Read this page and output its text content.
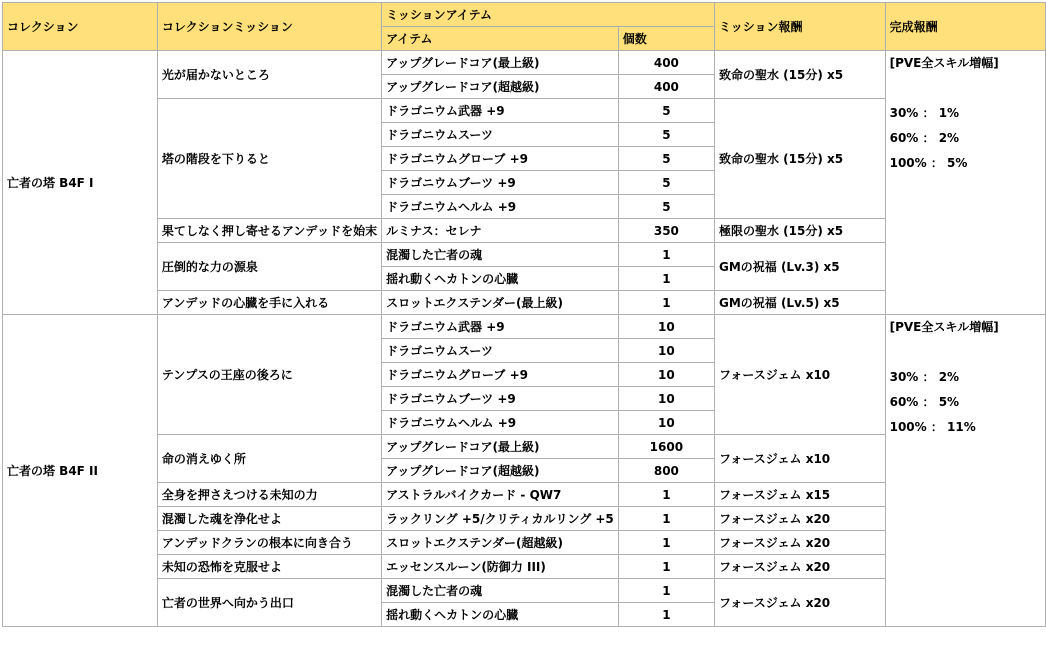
コレクション	コレクションミッション	ミッションアイテム		ミッション報酬	完成報酬
		アイテム	個数		
亡者の塔 B4F I	光が届かないところ	アップグレードコア(最上級)	400	致命の聖水 (15分) x5	[PVE全スキル増幅]
30% ： 1%
60% ： 2%
100% ： 5%

		アップグレードコア(超越級)	400		
	塔の階段を下りると	ドラゴニウム武器 +9	5	致命の聖水 (15分) x5	
		ドラゴニウムスーツ	5		
		ドラゴニウムグローブ +9	5		
		ドラゴニウムブーツ +9	5		
		ドラゴニウムヘルム +9	5		
	果てしなく押し寄せるアンデッドを始末	ルミナス：セレナ	350	極限の聖水 (15分) x5	
	圧倒的な力の源泉	混濁した亡者の魂	1	GMの祝福 (Lv.3) x5	
		揺れ動くヘカトンの心臓	1		
	アンデッドの心臓を手に入れる	スロットエクステンダー(最上級)	1	GMの祝福 (Lv.5) x5	
亡者の塔 B4F II	テンプスの王座の後ろに	ドラゴニウム武器 +9	10	フォースジェム x10	[PVE全スキル増幅]
30% ： 2%
60% ： 5%
100% ： 11%

		ドラゴニウムスーツ	10		
		ドラゴニウムグローブ +9	10		
		ドラゴニウムブーツ +9	10		
		ドラゴニウムヘルム +9	10		
	命の消えゆく所	アップグレードコア(最上級)	1600	フォースジェム x10	
		アップグレードコア(超越級)	800		
	全身を押さえつける未知の力	アストラルバイクカード - QW7	1	フォースジェム x15	
	混濁した魂を浄化せよ	ラックリング +5/クリティカルリング +5	1	フォースジェム x20	
	アンデッドクランの根本に向き合う	スロットエクステンダー(超越級)	1	フォースジェム x20	
	未知の恐怖を克服せよ	エッセンスルーン(防御力 III)	1	フォースジェム x20	
	亡者の世界へ向かう出口	混濁した亡者の魂	1	フォースジェム x20	
		揺れ動くヘカトンの心臓	1		
